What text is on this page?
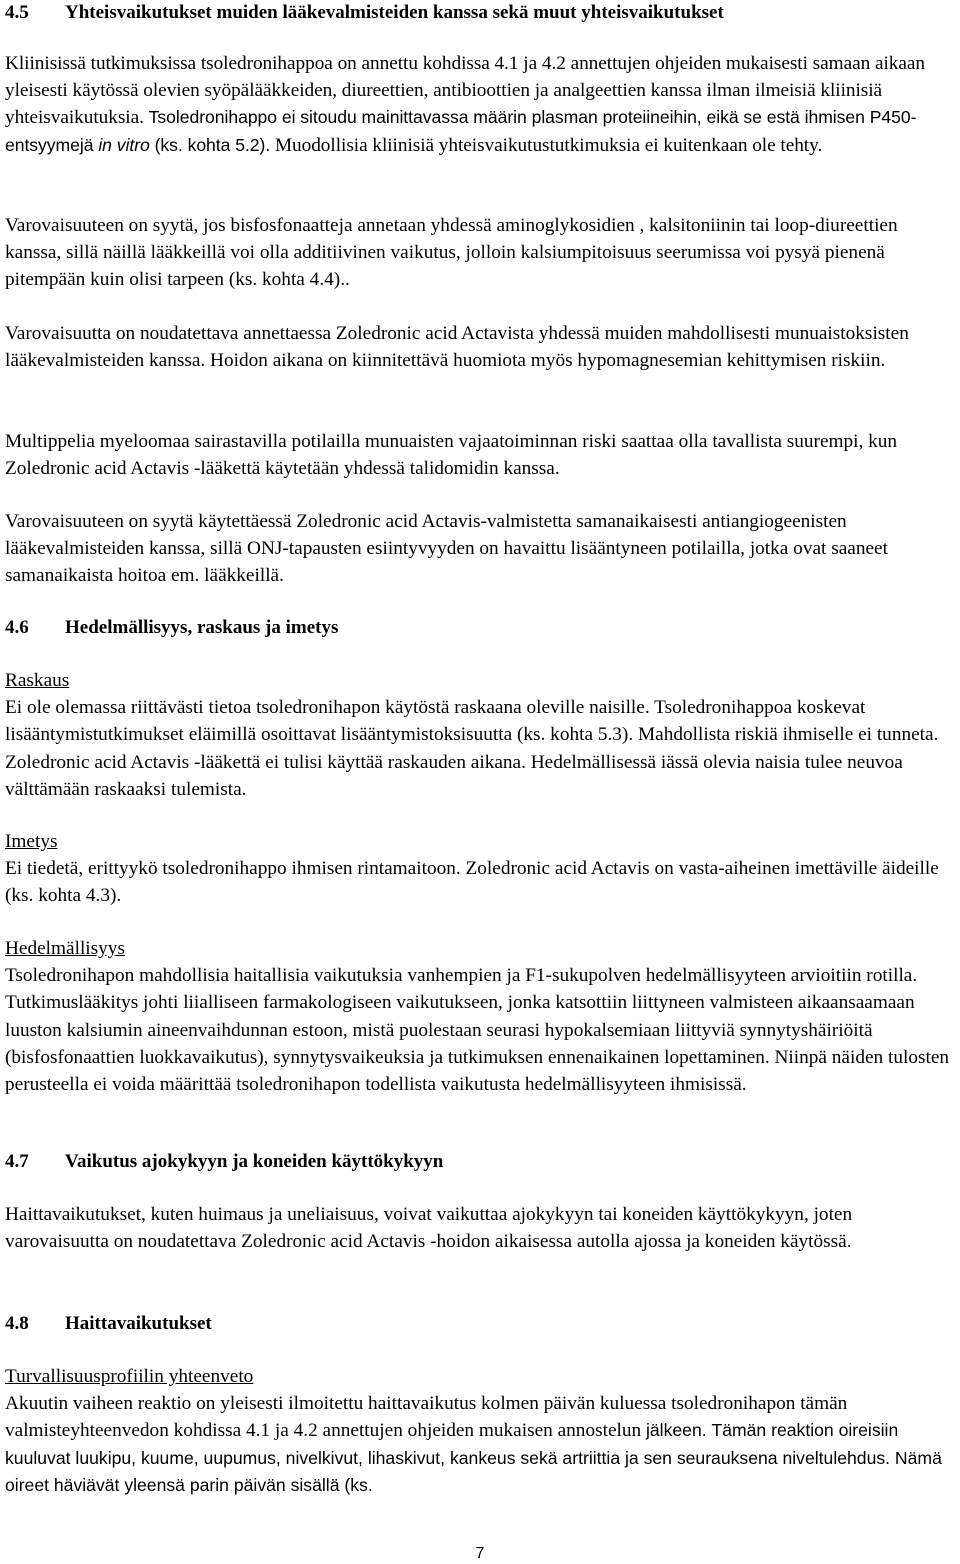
4.5	Yhteisvaikutukset muiden lääkevalmisteiden kanssa sekä muut yhteisvaikutukset

Kliinisissä tutkimuksissa tsoledronihappoa on annettu kohdissa 4.1 ja 4.2 annettujen ohjeiden mukaisesti samaan aikaan yleisesti käytössä olevien syöpälääkkeiden, diureettien, antibioottien ja analgeettien kanssa ilman ilmeisiä kliinisiä yhteisvaikutuksia. Tsoledronihappo ei sitoudu mainittavassa määrin plasman proteiineihin, eikä se estä ihmisen P450-entsyymejä in vitro (ks. kohta 5.2). Muodollisia kliinisiä yhteisvaikutustutkimuksia ei kuitenkaan ole tehty.

Varovaisuuteen on syytä, jos bisfosfonaatteja annetaan yhdessä aminoglykosidien , kalsitoniinin tai loop-diureettien kanssa, sillä näillä lääkkeillä voi olla additiivinen vaikutus, jolloin kalsiumpitoisuus seerumissa voi pysyä pienenä pitempään kuin olisi tarpeen (ks. kohta 4.4)..

Varovaisuutta on noudatettava annettaessa Zoledronic acid Actavista yhdessä muiden mahdollisesti munuaistoksisten lääkevalmisteiden kanssa. Hoidon aikana on kiinnitettävä huomiota myös hypomagnesemian kehittymisen riskiin.

Multippelia myeloomaa sairastavilla potilailla munuaisten vajaatoiminnan riski saattaa olla tavallista suurempi, kun Zoledronic acid Actavis -lääkettä käytetään yhdessä talidomidin kanssa.

Varovaisuuteen on syytä käytettäessä Zoledronic acid Actavis-valmistetta samanaikaisesti antiangiogeenisten lääkevalmisteiden kanssa, sillä ONJ-tapausten esiintyvyyden on havaittu lisääntyneen potilailla, jotka ovat saaneet samanaikaista hoitoa em. lääkkeillä.

4.6	Hedelmällisyys, raskaus ja imetys

Raskaus

Ei ole olemassa riittävästi tietoa tsoledronihapon käytöstä raskaana oleville naisille. Tsoledronihappoa koskevat lisääntymistutkimukset eläimillä osoittavat lisääntymistoksisuutta (ks. kohta 5.3). Mahdollista riskiä ihmiselle ei tunneta. Zoledronic acid Actavis -lääkettä ei tulisi käyttää raskauden aikana. Hedelmällisessä iässä olevia naisia tulee neuvoa välttämään raskaaksi tulemista.

Imetys

Ei tiedetä, erittyykö tsoledronihappo ihmisen rintamaitoon. Zoledronic acid Actavis on vasta-aiheinen imettäville äideille (ks. kohta 4.3).

Hedelmällisyys

Tsoledronihapon mahdollisia haitallisia vaikutuksia vanhempien ja F1-sukupolven hedelmällisyyteen arvioitiin rotilla. Tutkimuslääkitys johti liialliseen farmakologiseen vaikutukseen, jonka katsottiin liittyneen valmisteen aikaansaamaan luuston kalsiumin aineenvaihdunnan estoon, mistä puolestaan seurasi hypokalsemiaan liittyviä synnytyshäiriöitä (bisfosfonaattien luokkavaikutus), synnytysvaikeuksia ja tutkimuksen ennenaikainen lopettaminen. Niinpä näiden tulosten perusteella ei voida määrittää tsoledronihapon todellista vaikutusta hedelmällisyyteen ihmisissä.

4.7	Vaikutus ajokykyyn ja koneiden käyttökykyyn

Haittavaikutukset, kuten huimaus ja uneliaisuus, voivat vaikuttaa ajokykyyn tai koneiden käyttökykyyn, joten varovaisuutta on noudatettava Zoledronic acid Actavis -hoidon aikaisessa autolla ajossa ja koneiden käytössä.

4.8	Haittavaikutukset

Turvallisuusprofiilin yhteenveto

Akuutin vaiheen reaktio on yleisesti ilmoitettu haittavaikutus kolmen päivän kuluessa tsoledronihapon tämän valmisteyhteenvedon kohdissa 4.1 ja 4.2 annettujen ohjeiden mukaisen annostelun jälkeen. Tämän reaktion oireisiin kuuluvat luukipu, kuume, uupumus, nivelkivut, lihaskivut, kankeus sekä artriittia ja sen seurauksena niveltulehdus. Nämä oireet häviävät yleensä parin päivän sisällä (ks.

7
